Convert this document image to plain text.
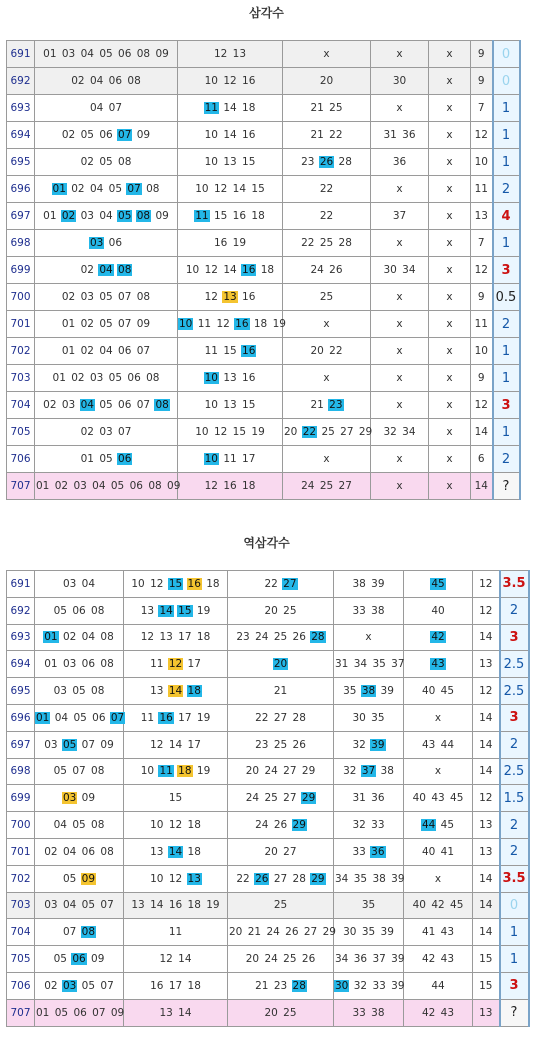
삼각수
691	01 03 04 05 06 08 09	12 13	x	x	x	9	0
692	02 04 06 08	10 12 16	20	30	x	9	0
693	04 07	11 14 18	21 25	x	x	7	1
694	02 05 06 07 09	10 14 16	21 22	31 36	x	12	1
695	02 05 08	10 13 15	23 26 28	36	x	10	1
696	01 02 04 05 07 08	10 12 14 15	22	x	x	11	2
697	01 02 03 04 05 08 09	11 15 16 18	22	37	x	13	4
698	03 06	16 19	22 25 28	x	x	7	1
699	02 04 08	10 12 14 16 18	24 26	30 34	x	12	3
700	02 03 05 07 08	12 13 16	25	x	x	9	0.5
701	01 02 05 07 09	10 11 12 16 18 19	x	x	x	11	2
702	01 02 04 06 07	11 15 16	20 22	x	x	10	1
703	01 02 03 05 06 08	10 13 16	x	x	x	9	1
704	02 03 04 05 06 07 08	10 13 15	21 23	x	x	12	3
705	02 03 07	10 12 15 19	20 22 25 27 29	32 34	x	14	1
706	01 05 06	10 11 17	x	x	x	6	2
707	01 02 03 04 05 06 08 09	12 16 18	24 25 27	x	x	14	?
역삼각수
691	03 04	10 12 15 16 18	22 27	38 39	45	12	3.5
692	05 06 08	13 14 15 19	20 25	33 38	40	12	2
693	01 02 04 08	12 13 17 18	23 24 25 26 28	x	42	14	3
694	01 03 06 08	11 12 17	20	31 34 35 37	43	13	2.5
695	03 05 08	13 14 18	21	35 38 39	40 45	12	2.5
696	01 04 05 06 07	11 16 17 19	22 27 28	30 35	x	14	3
697	03 05 07 09	12 14 17	23 25 26	32 39	43 44	14	2
698	05 07 08	10 11 18 19	20 24 27 29	32 37 38	x	14	2.5
699	03 09	15	24 25 27 29	31 36	40 43 45	12	1.5
700	04 05 08	10 12 18	24 26 29	32 33	44 45	13	2
701	02 04 06 08	13 14 18	20 27	33 36	40 41	13	2
702	05 09	10 12 13	22 26 27 28 29	34 35 38 39	x	14	3.5
703	03 04 05 07	13 14 16 18 19	25	35	40 42 45	14	0
704	07 08	11	20 21 24 26 27 29	30 35 39	41 43	14	1
705	05 06 09	12 14	20 24 25 26	34 36 37 39	42 43	15	1
706	02 03 05 07	16 17 18	21 23 28	30 32 33 39	44	15	3
707	01 05 06 07 09	13 14	20 25	33 38	42 43	13	?
